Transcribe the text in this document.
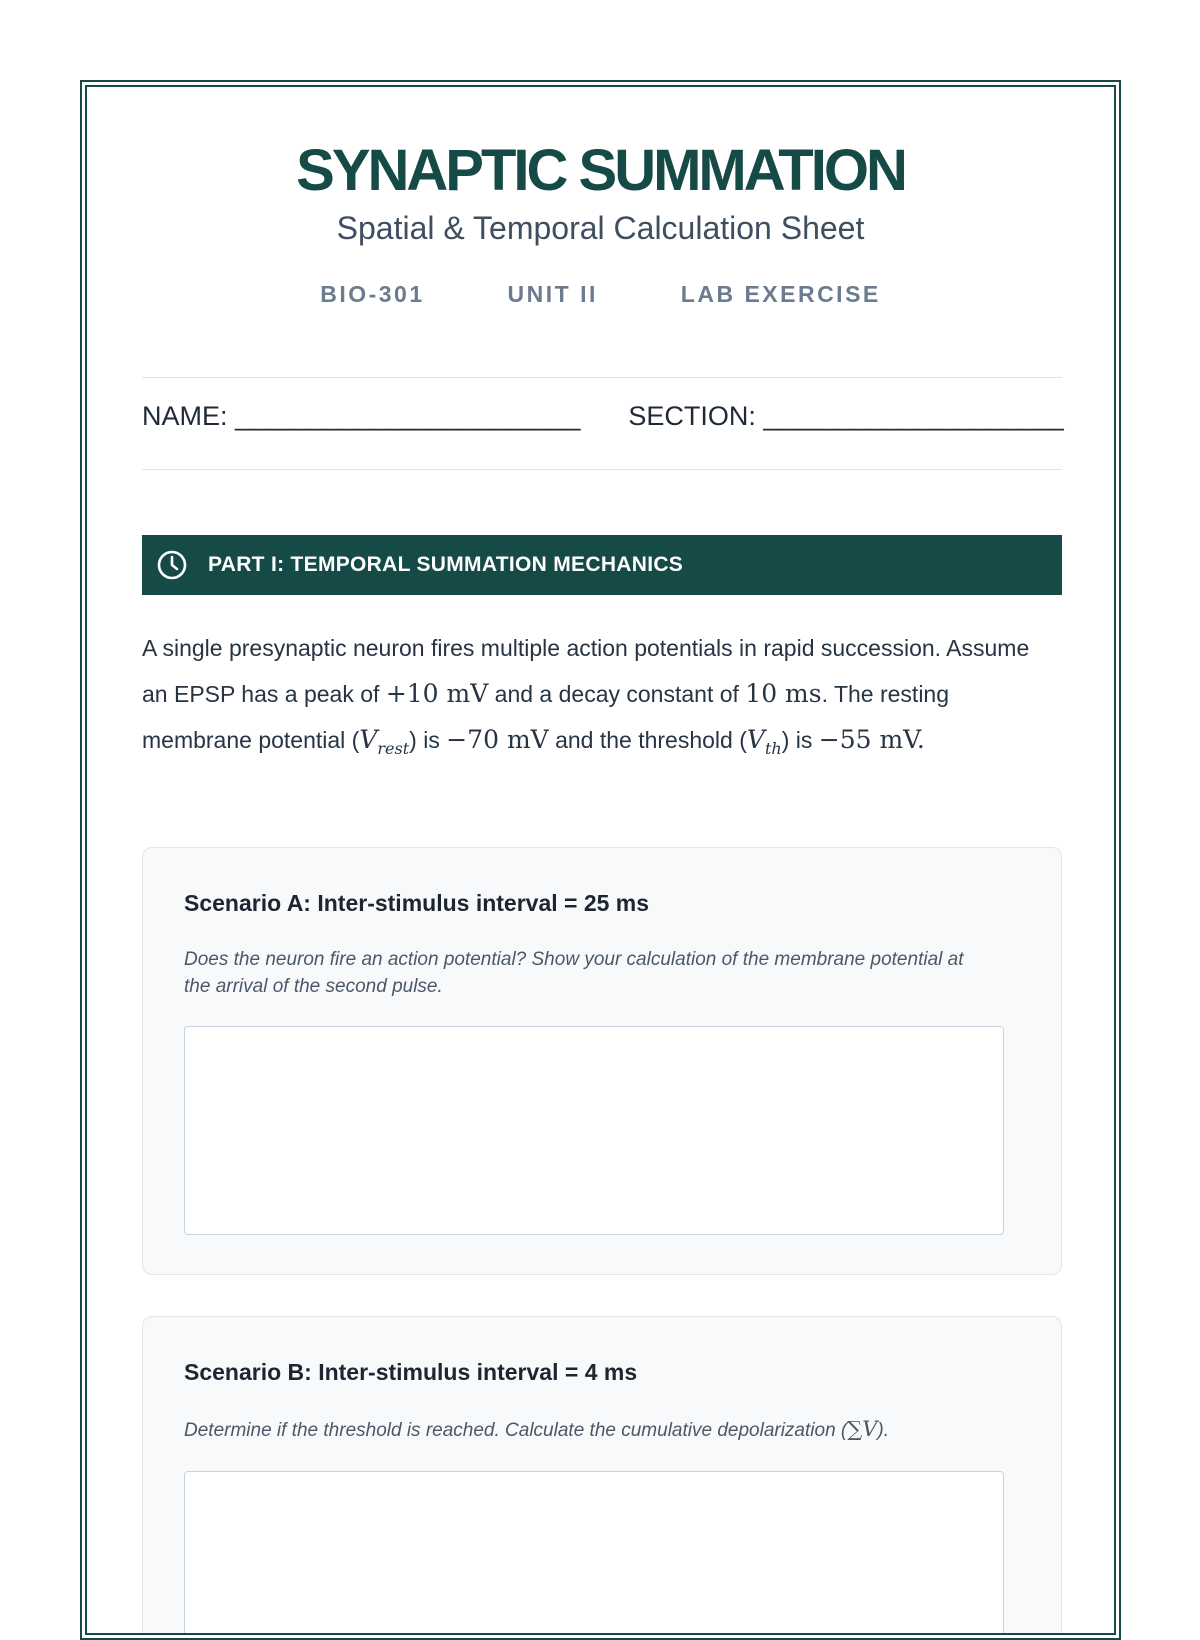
SYNAPTIC SUMMATION
Spatial & Temporal Calculation Sheet
BIO-301	UNIT II	LAB EXERCISE
NAME: _______________________ SECTION: ____________________
PART I: TEMPORAL SUMMATION MECHANICS
A single presynaptic neuron fires multiple action potentials in rapid succession. Assume an EPSP has a peak of +10 mV and a decay constant of 10 ms. The resting membrane potential $(V_{rest})$ is −70 mV and the threshold $(V_{th})$ is −55 mV.
Scenario A: Inter-stimulus interval = 25 ms
Does the neuron fire an action potential? Show your calculation of the membrane potential at the arrival of the second pulse.
Scenario B: Inter-stimulus interval = 4 ms
Determine if the threshold is reached. Calculate the cumulative depolarization (∑V).
